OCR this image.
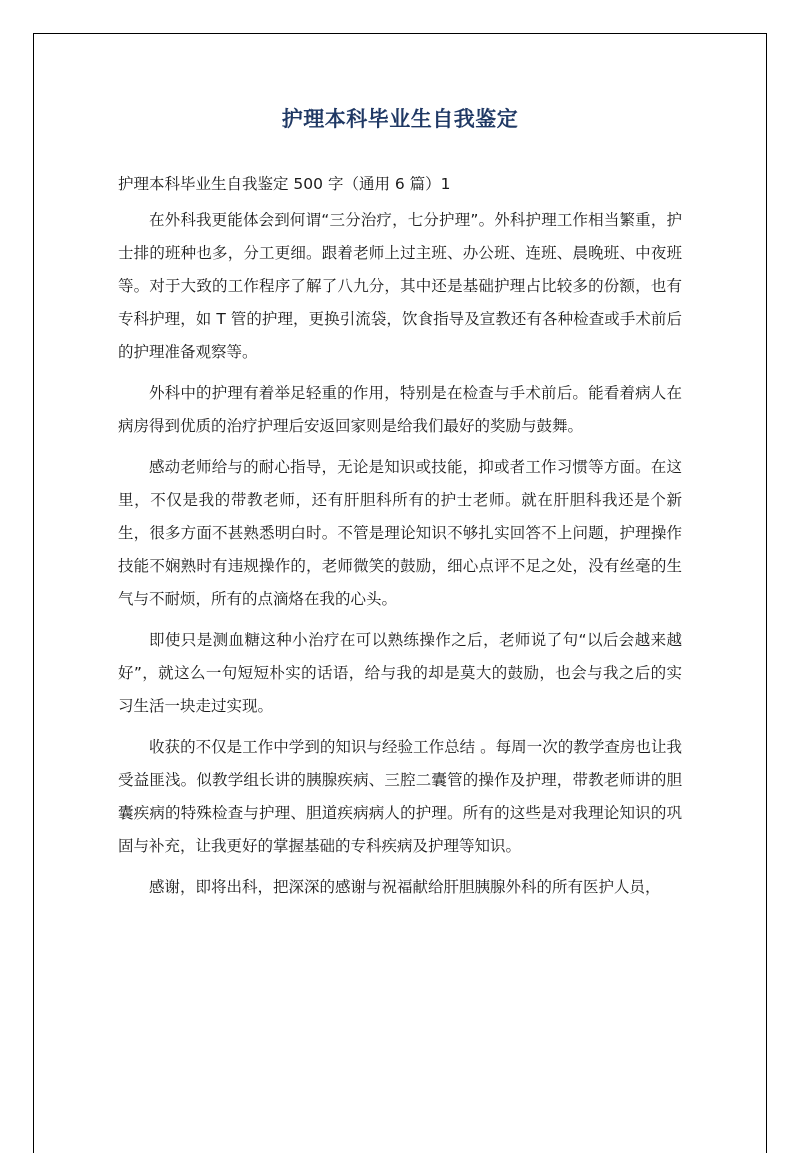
护理本科毕业生自我鉴定

护理本科毕业生自我鉴定 500 字（通用 6 篇）1

在外科我更能体会到何谓“三分治疗，七分护理”。外科护理工作相当繁重，护士排的班种也多，分工更细。跟着老师上过主班、办公班、连班、晨晚班、中夜班等。对于大致的工作程序了解了八九分，其中还是基础护理占比较多的份额，也有专科护理，如 T 管的护理，更换引流袋，饮食指导及宣教还有各种检查或手术前后的护理准备观察等。

外科中的护理有着举足轻重的作用，特别是在检查与手术前后。能看着病人在病房得到优质的治疗护理后安返回家则是给我们最好的奖励与鼓舞。

感动老师给与的耐心指导，无论是知识或技能，抑或者工作习惯等方面。在这里，不仅是我的带教老师，还有肝胆科所有的护士老师。就在肝胆科我还是个新生，很多方面不甚熟悉明白时。不管是理论知识不够扎实回答不上问题，护理操作技能不娴熟时有违规操作的，老师微笑的鼓励，细心点评不足之处，没有丝毫的生气与不耐烦，所有的点滴烙在我的心头。

即使只是测血糖这种小治疗在可以熟练操作之后，老师说了句“以后会越来越好”，就这么一句短短朴实的话语，给与我的却是莫大的鼓励，也会与我之后的实习生活一块走过实现。

收获的不仅是工作中学到的知识与经验工作总结 。每周一次的教学查房也让我受益匪浅。似教学组长讲的胰腺疾病、三腔二囊管的操作及护理，带教老师讲的胆囊疾病的特殊检查与护理、胆道疾病病人的护理。所有的这些是对我理论知识的巩固与补充，让我更好的掌握基础的专科疾病及护理等知识。

感谢，即将出科，把深深的感谢与祝福献给肝胆胰腺外科的所有医护人员，
